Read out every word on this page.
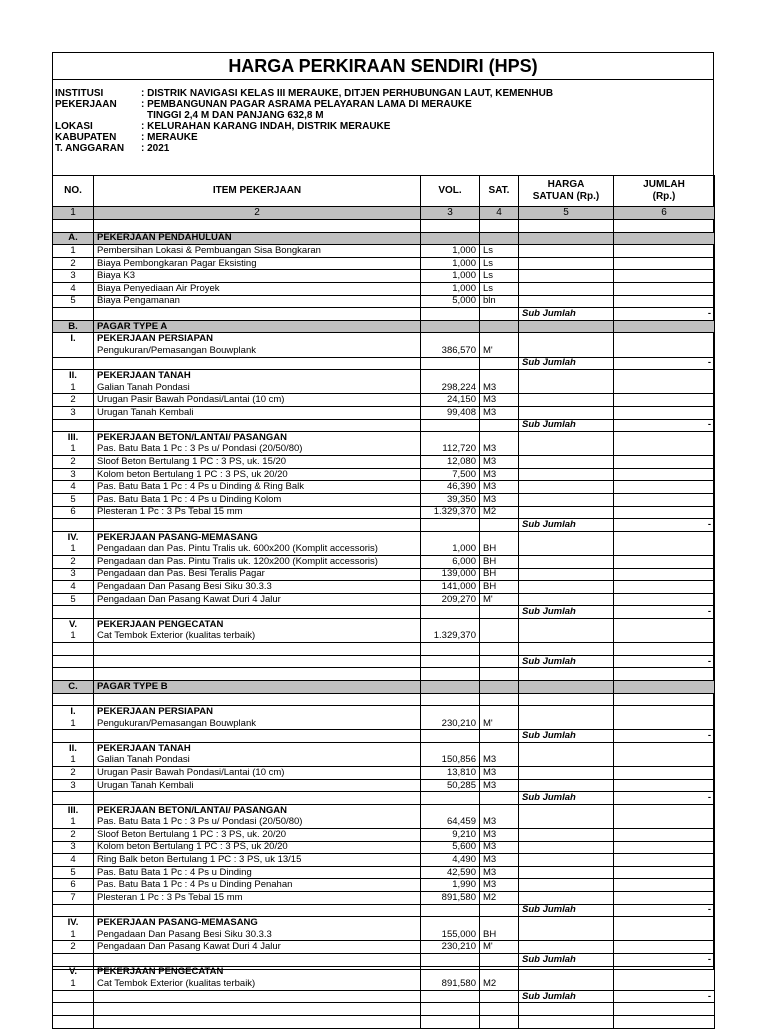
HARGA PERKIRAAN SENDIRI (HPS)
INSTITUSI	: DISTRIK NAVIGASI KELAS III MERAUKE, DITJEN PERHUBUNGAN LAUT, KEMENHUB
PEKERJAAN	: PEMBANGUNAN PAGAR ASRAMA PELAYARAN LAMA DI MERAUKE
TINGGI 2,4 M DAN PANJANG 632,8 M
LOKASI	: KELURAHAN KARANG INDAH, DISTRIK MERAUKE
KABUPATEN	: MERAUKE
T. ANGGARAN	: 2021
NO.	ITEM PEKERJAAN	VOL.	SAT.	HARGA SATUAN (Rp.)	JUMLAH (Rp.)
1	2	3	4	5	6

A.	PEKERJAAN PENDAHULUAN				
1	Pembersihan Lokasi & Pembuangan Sisa Bongkaran	1,000	Ls		
2	Biaya Pembongkaran Pagar Eksisting	1,000	Ls		
3	Biaya K3	1,000	Ls		
4	Biaya Penyediaan Air Proyek	1,000	Ls		
5	Biaya Pengamanan	5,000	bln		
				Sub Jumlah	-
B.	PAGAR TYPE A				
I.	PEKERJAAN PERSIAPAN				
	Pengukuran/Pemasangan Bouwplank	386,570	M'		
				Sub Jumlah	-
II.	PEKERJAAN TANAH				
1	Galian Tanah Pondasi	298,224	M3		
2	Urugan Pasir Bawah Pondasi/Lantai (10 cm)	24,150	M3		
3	Urugan Tanah Kembali	99,408	M3		
				Sub Jumlah	-
III.	PEKERJAAN BETON/LANTAI/ PASANGAN				
1	Pas. Batu Bata 1 Pc : 3 Ps u/ Pondasi (20/50/80)	112,720	M3		
2	Sloof Beton Bertulang 1 PC : 3 PS, uk. 15/20	12,080	M3		
3	Kolom beton Bertulang 1 PC : 3 PS, uk 20/20	7,500	M3		
4	Pas. Batu Bata 1 Pc : 4 Ps u Dinding & Ring Balk	46,390	M3		
5	Pas. Batu Bata 1 Pc : 4 Ps u Dinding Kolom	39,350	M3		
6	Plesteran 1 Pc : 3 Ps Tebal 15 mm	1.329,370	M2		
				Sub Jumlah	-
IV.	PEKERJAAN PASANG-MEMASANG				
1	Pengadaan dan Pas. Pintu Tralis uk. 600x200 (Komplit accessoris)	1,000	BH		
2	Pengadaan dan Pas. Pintu Tralis uk. 120x200 (Komplit accessoris)	6,000	BH		
3	Pengadaan dan Pas. Besi Teralis Pagar	139,000	BH		
4	Pengadaan Dan Pasang Besi Siku 30.3.3	141,000	BH		
5	Pengadaan Dan Pasang Kawat Duri 4 Jalur	209,270	M'		
				Sub Jumlah	-
V.	PEKERJAAN PENGECATAN				
1	Cat Tembok Exterior (kualitas terbaik)	1.329,370			

				Sub Jumlah	-

C.	PAGAR TYPE B				

I.	PEKERJAAN PERSIAPAN				
1	Pengukuran/Pemasangan Bouwplank	230,210	M'		
				Sub Jumlah	-
II.	PEKERJAAN TANAH				
1	Galian Tanah Pondasi	150,856	M3		
2	Urugan Pasir Bawah Pondasi/Lantai (10 cm)	13,810	M3		
3	Urugan Tanah Kembali	50,285	M3		
				Sub Jumlah	-
III.	PEKERJAAN BETON/LANTAI/ PASANGAN				
1	Pas. Batu Bata 1 Pc : 3 Ps u/ Pondasi (20/50/80)	64,459	M3		
2	Sloof Beton Bertulang 1 PC : 3 PS, uk. 20/20	9,210	M3		
3	Kolom beton Bertulang 1 PC : 3 PS, uk 20/20	5,600	M3		
4	Ring Balk beton Bertulang 1 PC : 3 PS, uk 13/15	4,490	M3		
5	Pas. Batu Bata 1 Pc : 4 Ps u Dinding	42,590	M3		
6	Pas. Batu Bata 1 Pc : 4 Ps u Dinding Penahan	1,990	M3		
7	Plesteran 1 Pc : 3 Ps Tebal 15 mm	891,580	M2		
				Sub Jumlah	-
IV.	PEKERJAAN PASANG-MEMASANG				
1	Pengadaan Dan Pasang Besi Siku 30.3.3	155,000	BH		
2	Pengadaan Dan Pasang Kawat Duri 4 Jalur	230,210	M'		
				Sub Jumlah	-
V.	PEKERJAAN PENGECATAN				
1	Cat Tembok Exterior (kualitas terbaik)	891,580	M2		
				Sub Jumlah	-
